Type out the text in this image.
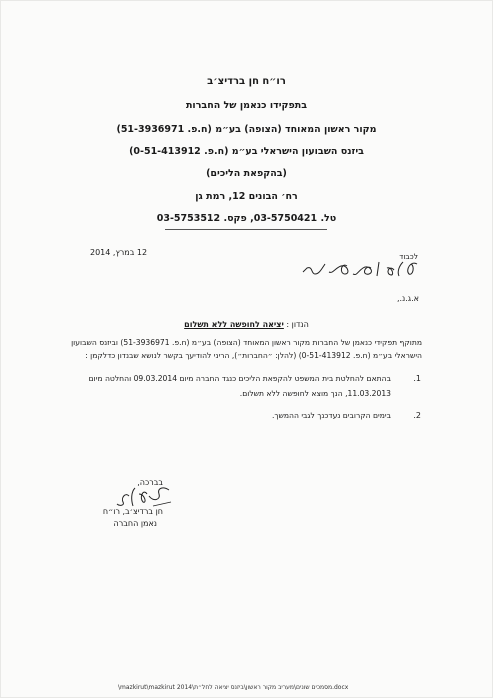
רו״ח חן ברדיצ׳ב
בתפקידו כנאמן של החברות
מקור ראשון המאוחד (הצופה) בע״מ (ח.פ. 51-3936971)
ביזנס השבועון הישראלי בע״מ (ח.פ. 0-51-413912)
(בהקפאת הליכים)
רח׳ הבונים 12, רמת גן
טל. 03-5750421, פקס. 03-5753512
12 במרץ, 2014	לכבוד
א.ג.נ.,
הנדון : יציאה לחופשה ללא תשלום
מתוקף תפקידי כנאמן של החברות מקור ראשון המאוחד (הצופה) בע״מ (ח.פ. 51-3936971) וביזנס השבועון
הישראלי בע״מ (ח.פ. 0-51-413912) (להלן: ״החברות״), הריני להודיעך בקשר לנושא שבנדון כדלקמן :
1.
בהתאם להחלטת בית המשפט להקפאת הליכים כנגד החברה מיום 09.03.2014 והחלטה מיום
11.03.2013, הנך מוצא לחופשה ללא תשלום.
2.
בימים הקרובים נעדכנך לגבי ההמשך.
בברכה,
חן ברדיצ׳ב, רו״ח
נאמן החברה
\mazkirut\mazkirut 2014\מסמכים שונים\מעריב מקור ראשון\ביזנס יציאה לחל״ת.docx
